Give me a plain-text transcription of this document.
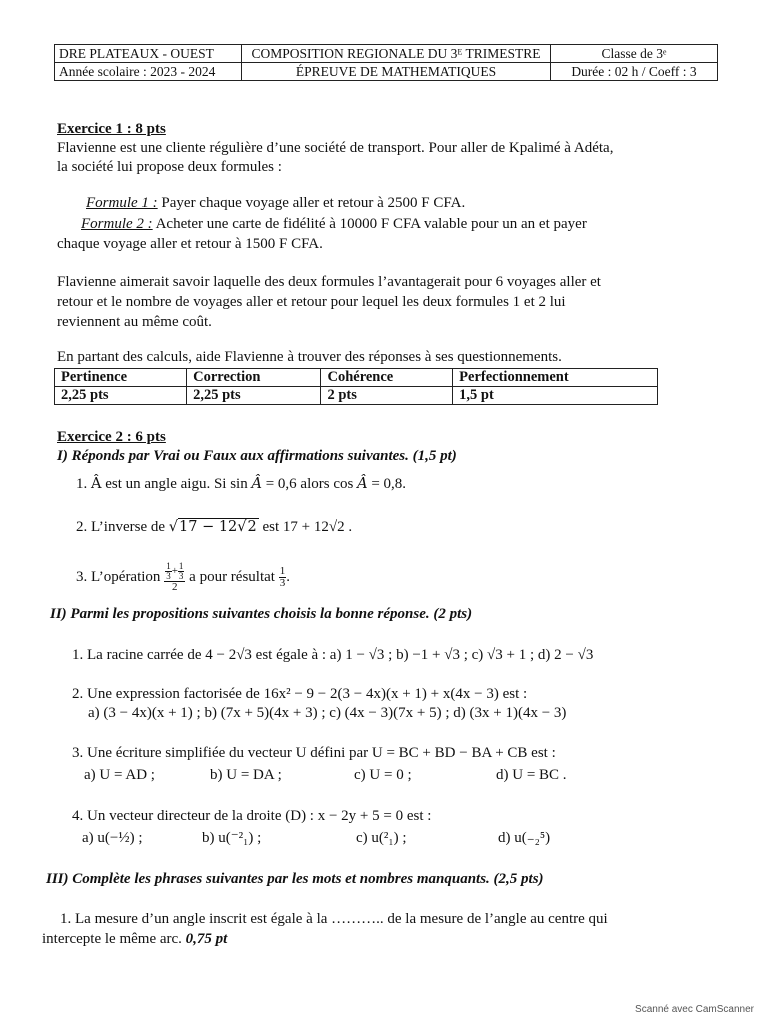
DRE PLATEAUX - OUEST	COMPOSITION REGIONALE DU 3ᴱ TRIMESTRE	Classe de 3ᵉ
Année scolaire : 2023 - 2024	ÉPREUVE DE MATHEMATIQUES	Durée : 02 h / Coeff : 3
Exercice 1 : 8 pts
Flavienne est une cliente régulière d’une société de transport. Pour aller de Kpalimé à Adéta,
la société lui propose deux formules :
Formule 1 : Payer chaque voyage aller et retour à 2500 F CFA.
Formule 2 : Acheter une carte de fidélité à 10000 F CFA valable pour un an et payer
chaque voyage aller et retour à 1500 F CFA.
Flavienne aimerait savoir laquelle des deux formules l’avantagerait pour 6 voyages aller et
retour et le nombre de voyages aller et retour pour lequel les deux formules 1 et 2 lui
reviennent au même coût.
En partant des calculs, aide Flavienne à trouver des réponses à ses questionnements.
Pertinence	Correction	Cohérence	Perfectionnement
2,25 pts	2,25 pts	2 pts	1,5 pt
Exercice 2 : 6 pts
I) Réponds par Vrai ou Faux aux affirmations suivantes. (1,5 pt)
1. Â est un angle aigu. Si sin Â = 0,6 alors cos Â = 0,8.
2. L’inverse de √17 − 12√2 est 17 + 12√2 .
3. L’opération $\frac{\frac{1}{3} + \frac{1}{3}}{2}$ a pour résultat $\frac{1}{3}$ .
II) Parmi les propositions suivantes choisis la bonne réponse. (2 pts)
1. La racine carrée de 4 − 2√3 est égale à : a) 1 − √3 ; b) −1 + √3 ; c) √3 + 1 ; d) 2 − √3
2. Une expression factorisée de 16x² − 9 − 2(3 − 4x)(x + 1) + x(4x − 3) est :
a) (3 − 4x)(x + 1) ; b) (7x + 5)(4x + 3) ; c) (4x − 3)(7x + 5) ; d) (3x + 1)(4x − 3)
3. Une écriture simplifiée du vecteur U défini par U = BC + BD − BA + CB est :
a) U = AD ;	b) U = DA ;	c) U = 0 ;	d) U = BC .
4. Un vecteur directeur de la droite (D) : x − 2y + 5 = 0 est :
a) u(−½) ;	b) u(⁻²₁) ;	c) u(²₁) ;	d) u(₋₂⁵)
III) Complète les phrases suivantes par les mots et nombres manquants. (2,5 pts)
1. La mesure d’un angle inscrit est égale à la ……….. de la mesure de l’angle au centre qui
intercepte le même arc. 0,75 pt
Scanné avec CamScanner
